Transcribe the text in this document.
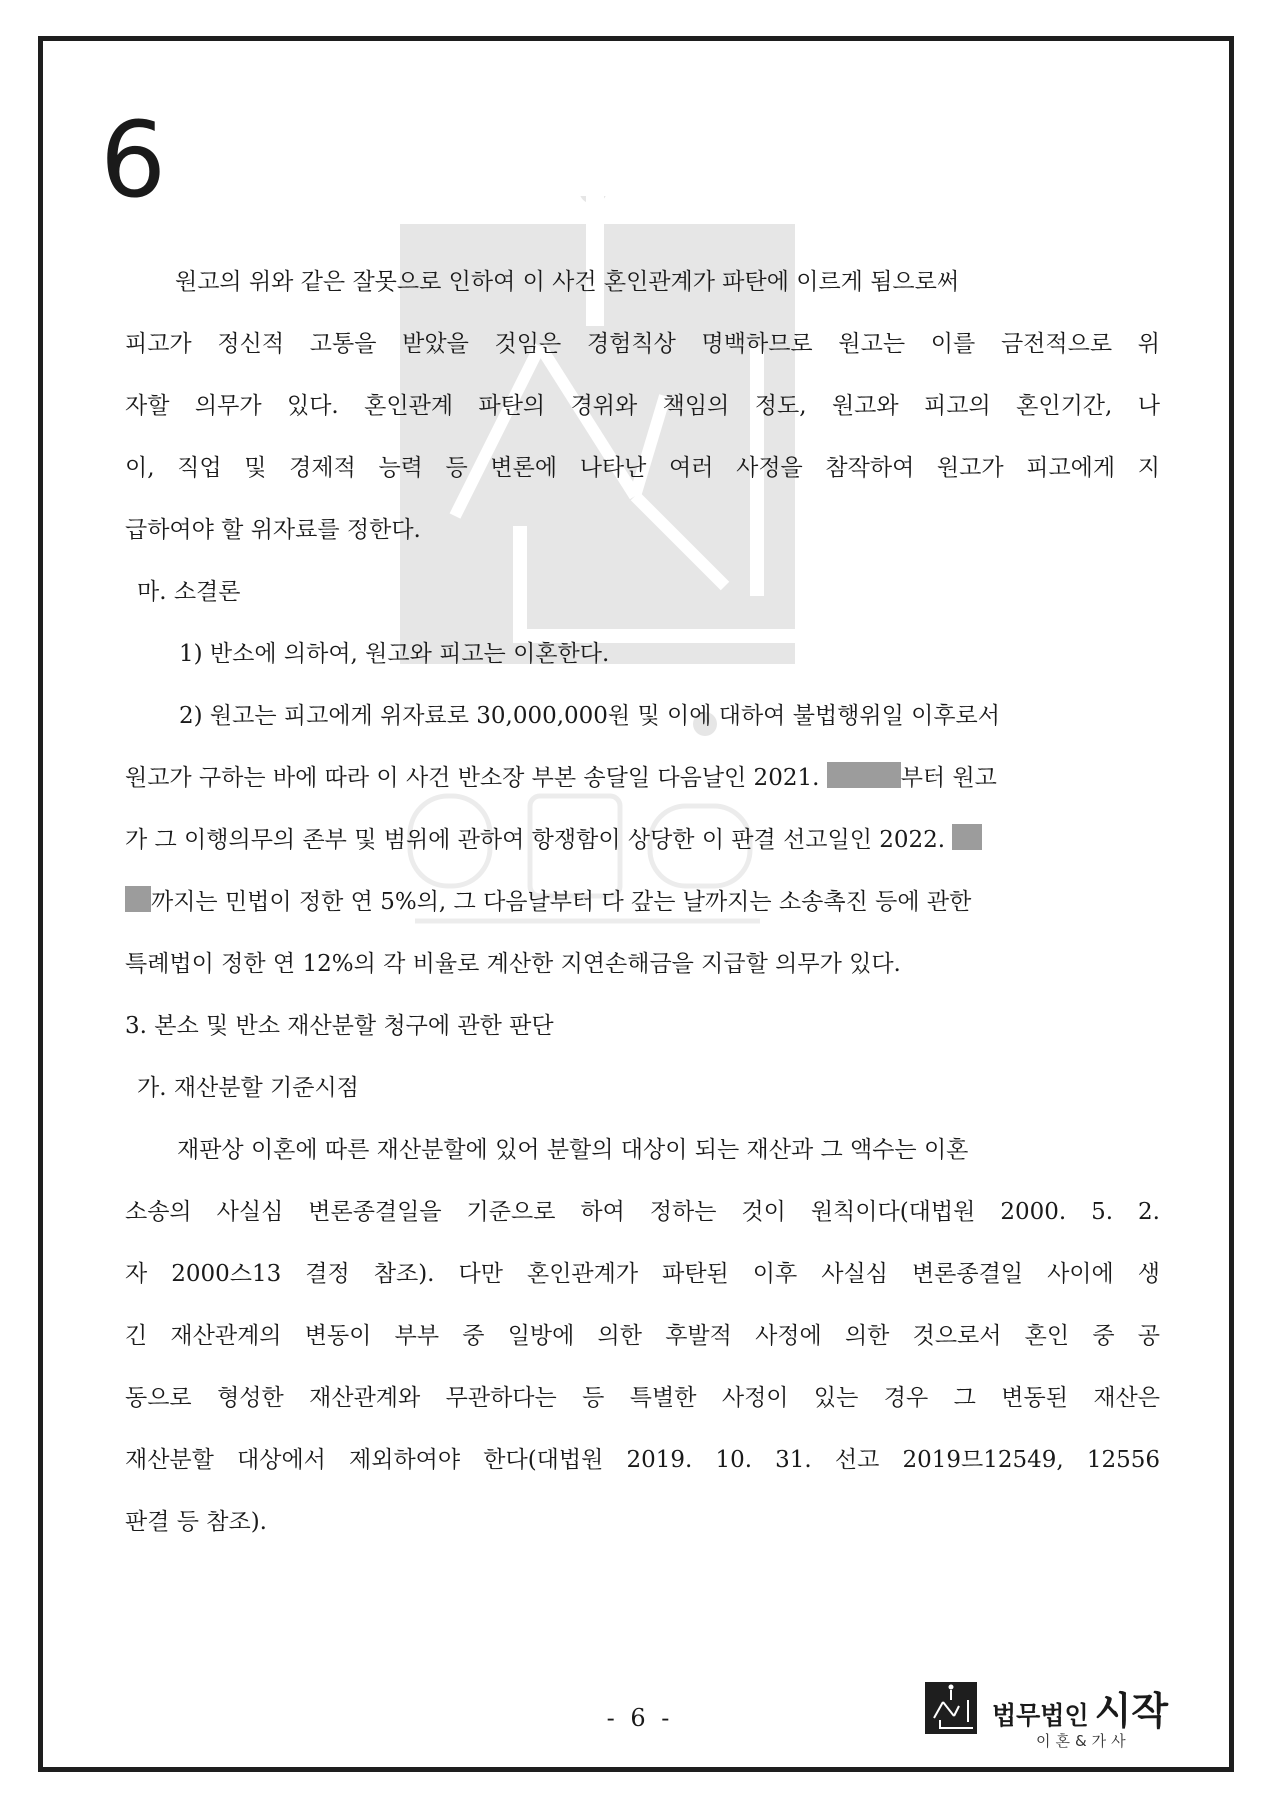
6
원고의 위와 같은 잘못으로 인하여 이 사건 혼인관계가 파탄에 이르게 됨으로써
피고가 정신적 고통을 받았을 것임은 경험칙상 명백하므로 원고는 이를 금전적으로 위
자할 의무가 있다. 혼인관계 파탄의 경위와 책임의 정도, 원고와 피고의 혼인기간, 나
이, 직업 및 경제적 능력 등 변론에 나타난 여러 사정을 참작하여 원고가 피고에게 지
급하여야 할 위자료를 정한다.
마. 소결론
1) 반소에 의하여, 원고와 피고는 이혼한다.
2) 원고는 피고에게 위자료로 30,000,000원 및 이에 대하여 불법행위일 이후로서
원고가 구하는 바에 따라 이 사건 반소장 부본 송달일 다음날인 2021.	부터 원고
가 그 이행의무의 존부 및 범위에 관하여 항쟁함이 상당한 이 판결 선고일인 2022.
까지는 민법이 정한 연 5%의, 그 다음날부터 다 갚는 날까지는 소송촉진 등에 관한
특례법이 정한 연 12%의 각 비율로 계산한 지연손해금을 지급할 의무가 있다.
3. 본소 및 반소 재산분할 청구에 관한 판단
가. 재산분할 기준시점
재판상 이혼에 따른 재산분할에 있어 분할의 대상이 되는 재산과 그 액수는 이혼
소송의 사실심 변론종결일을 기준으로 하여 정하는 것이 원칙이다(대법원 2000. 5. 2.
자 2000스13 결정 참조). 다만 혼인관계가 파탄된 이후 사실심 변론종결일 사이에 생
긴 재산관계의 변동이 부부 중 일방에 의한 후발적 사정에 의한 것으로서 혼인 중 공
동으로 형성한 재산관계와 무관하다는 등 특별한 사정이 있는 경우 그 변동된 재산은
재산분할 대상에서 제외하여야 한다(대법원 2019. 10. 31. 선고 2019므12549, 12556
판결 등 참조).
- 6 -	법무법인 시작
이혼&가사
